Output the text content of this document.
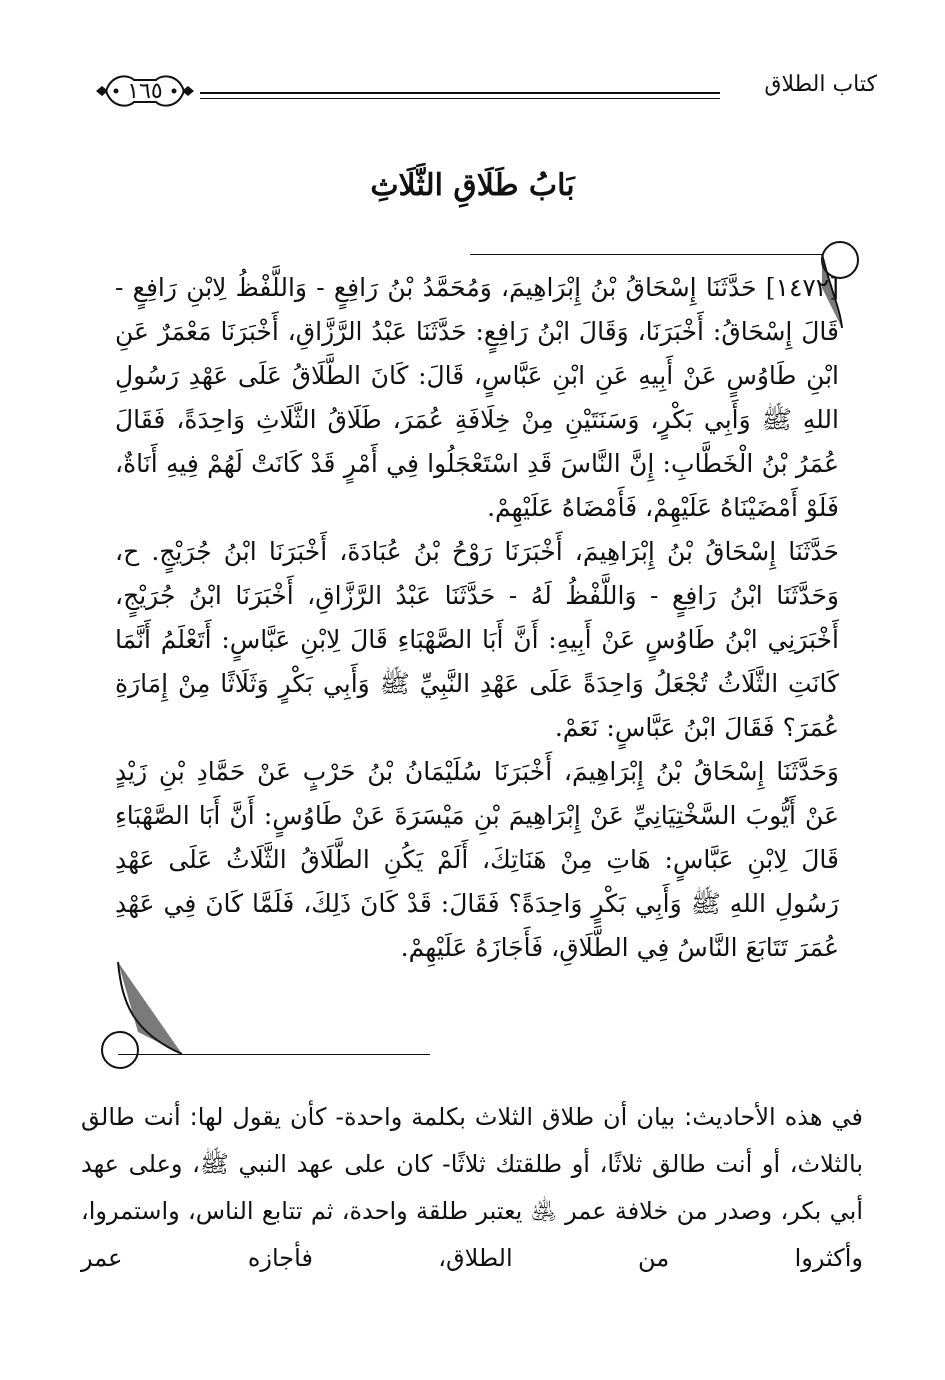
كتاب الطلاق
١٦٥
بَابُ طَلَاقِ الثَّلَاثِ

[١٤٧٢] حَدَّثَنَا إِسْحَاقُ بْنُ إِبْرَاهِيمَ، وَمُحَمَّدُ بْنُ رَافِعٍ - وَاللَّفْظُ لِابْنِ رَافِعٍ - قَالَ إِسْحَاقُ: أَخْبَرَنَا، وَقَالَ ابْنُ رَافِعٍ: حَدَّثَنَا عَبْدُ الرَّزَّاقِ، أَخْبَرَنَا مَعْمَرٌ عَنِ ابْنِ طَاوُسٍ عَنْ أَبِيهِ عَنِ ابْنِ عَبَّاسٍ، قَالَ: كَانَ الطَّلَاقُ عَلَى عَهْدِ رَسُولِ اللهِ ﷺ وَأَبِي بَكْرٍ، وَسَنَتَيْنِ مِنْ خِلَافَةِ عُمَرَ، طَلَاقُ الثَّلَاثِ وَاحِدَةً، فَقَالَ عُمَرُ بْنُ الْخَطَّابِ: إِنَّ النَّاسَ قَدِ اسْتَعْجَلُوا فِي أَمْرٍ قَدْ كَانَتْ لَهُمْ فِيهِ أَنَاةٌ، فَلَوْ أَمْضَيْنَاهُ عَلَيْهِمْ، فَأَمْضَاهُ عَلَيْهِمْ.

حَدَّثَنَا إِسْحَاقُ بْنُ إِبْرَاهِيمَ، أَخْبَرَنَا رَوْحُ بْنُ عُبَادَةَ، أَخْبَرَنَا ابْنُ جُرَيْجٍ. ح، وَحَدَّثَنَا ابْنُ رَافِعٍ - وَاللَّفْظُ لَهُ - حَدَّثَنَا عَبْدُ الرَّزَّاقِ، أَخْبَرَنَا ابْنُ جُرَيْجٍ، أَخْبَرَنِي ابْنُ طَاوُسٍ عَنْ أَبِيهِ: أَنَّ أَبَا الصَّهْبَاءِ قَالَ لِابْنِ عَبَّاسٍ: أَتَعْلَمُ أَنَّمَا كَانَتِ الثَّلَاثُ تُجْعَلُ وَاحِدَةً عَلَى عَهْدِ النَّبِيِّ ﷺ وَأَبِي بَكْرٍ وَثَلَاثًا مِنْ إِمَارَةِ عُمَرَ؟ فَقَالَ ابْنُ عَبَّاسٍ: نَعَمْ.

وَحَدَّثَنَا إِسْحَاقُ بْنُ إِبْرَاهِيمَ، أَخْبَرَنَا سُلَيْمَانُ بْنُ حَرْبٍ عَنْ حَمَّادِ بْنِ زَيْدٍ عَنْ أَيُّوبَ السَّخْتِيَانِيِّ عَنْ إِبْرَاهِيمَ بْنِ مَيْسَرَةَ عَنْ طَاوُسٍ: أَنَّ أَبَا الصَّهْبَاءِ قَالَ لِابْنِ عَبَّاسٍ: هَاتِ مِنْ هَنَاتِكَ، أَلَمْ يَكُنِ الطَّلَاقُ الثَّلَاثُ عَلَى عَهْدِ رَسُولِ اللهِ ﷺ وَأَبِي بَكْرٍ وَاحِدَةً؟ فَقَالَ: قَدْ كَانَ ذَلِكَ، فَلَمَّا كَانَ فِي عَهْدِ عُمَرَ تَتَابَعَ النَّاسُ فِي الطَّلَاقِ، فَأَجَازَهُ عَلَيْهِمْ.

في هذه الأحاديث: بيان أن طلاق الثلاث بكلمة واحدة- كأن يقول لها: أنت طالق بالثلاث، أو أنت طالق ثلاثًا، أو طلقتك ثلاثًا- كان على عهد النبي ﷺ، وعلى عهد أبي بكر، وصدر من خلافة عمر ﵁ يعتبر طلقة واحدة، ثم تتابع الناس، واستمروا، وأكثروا من الطلاق، فأجازه عمر
